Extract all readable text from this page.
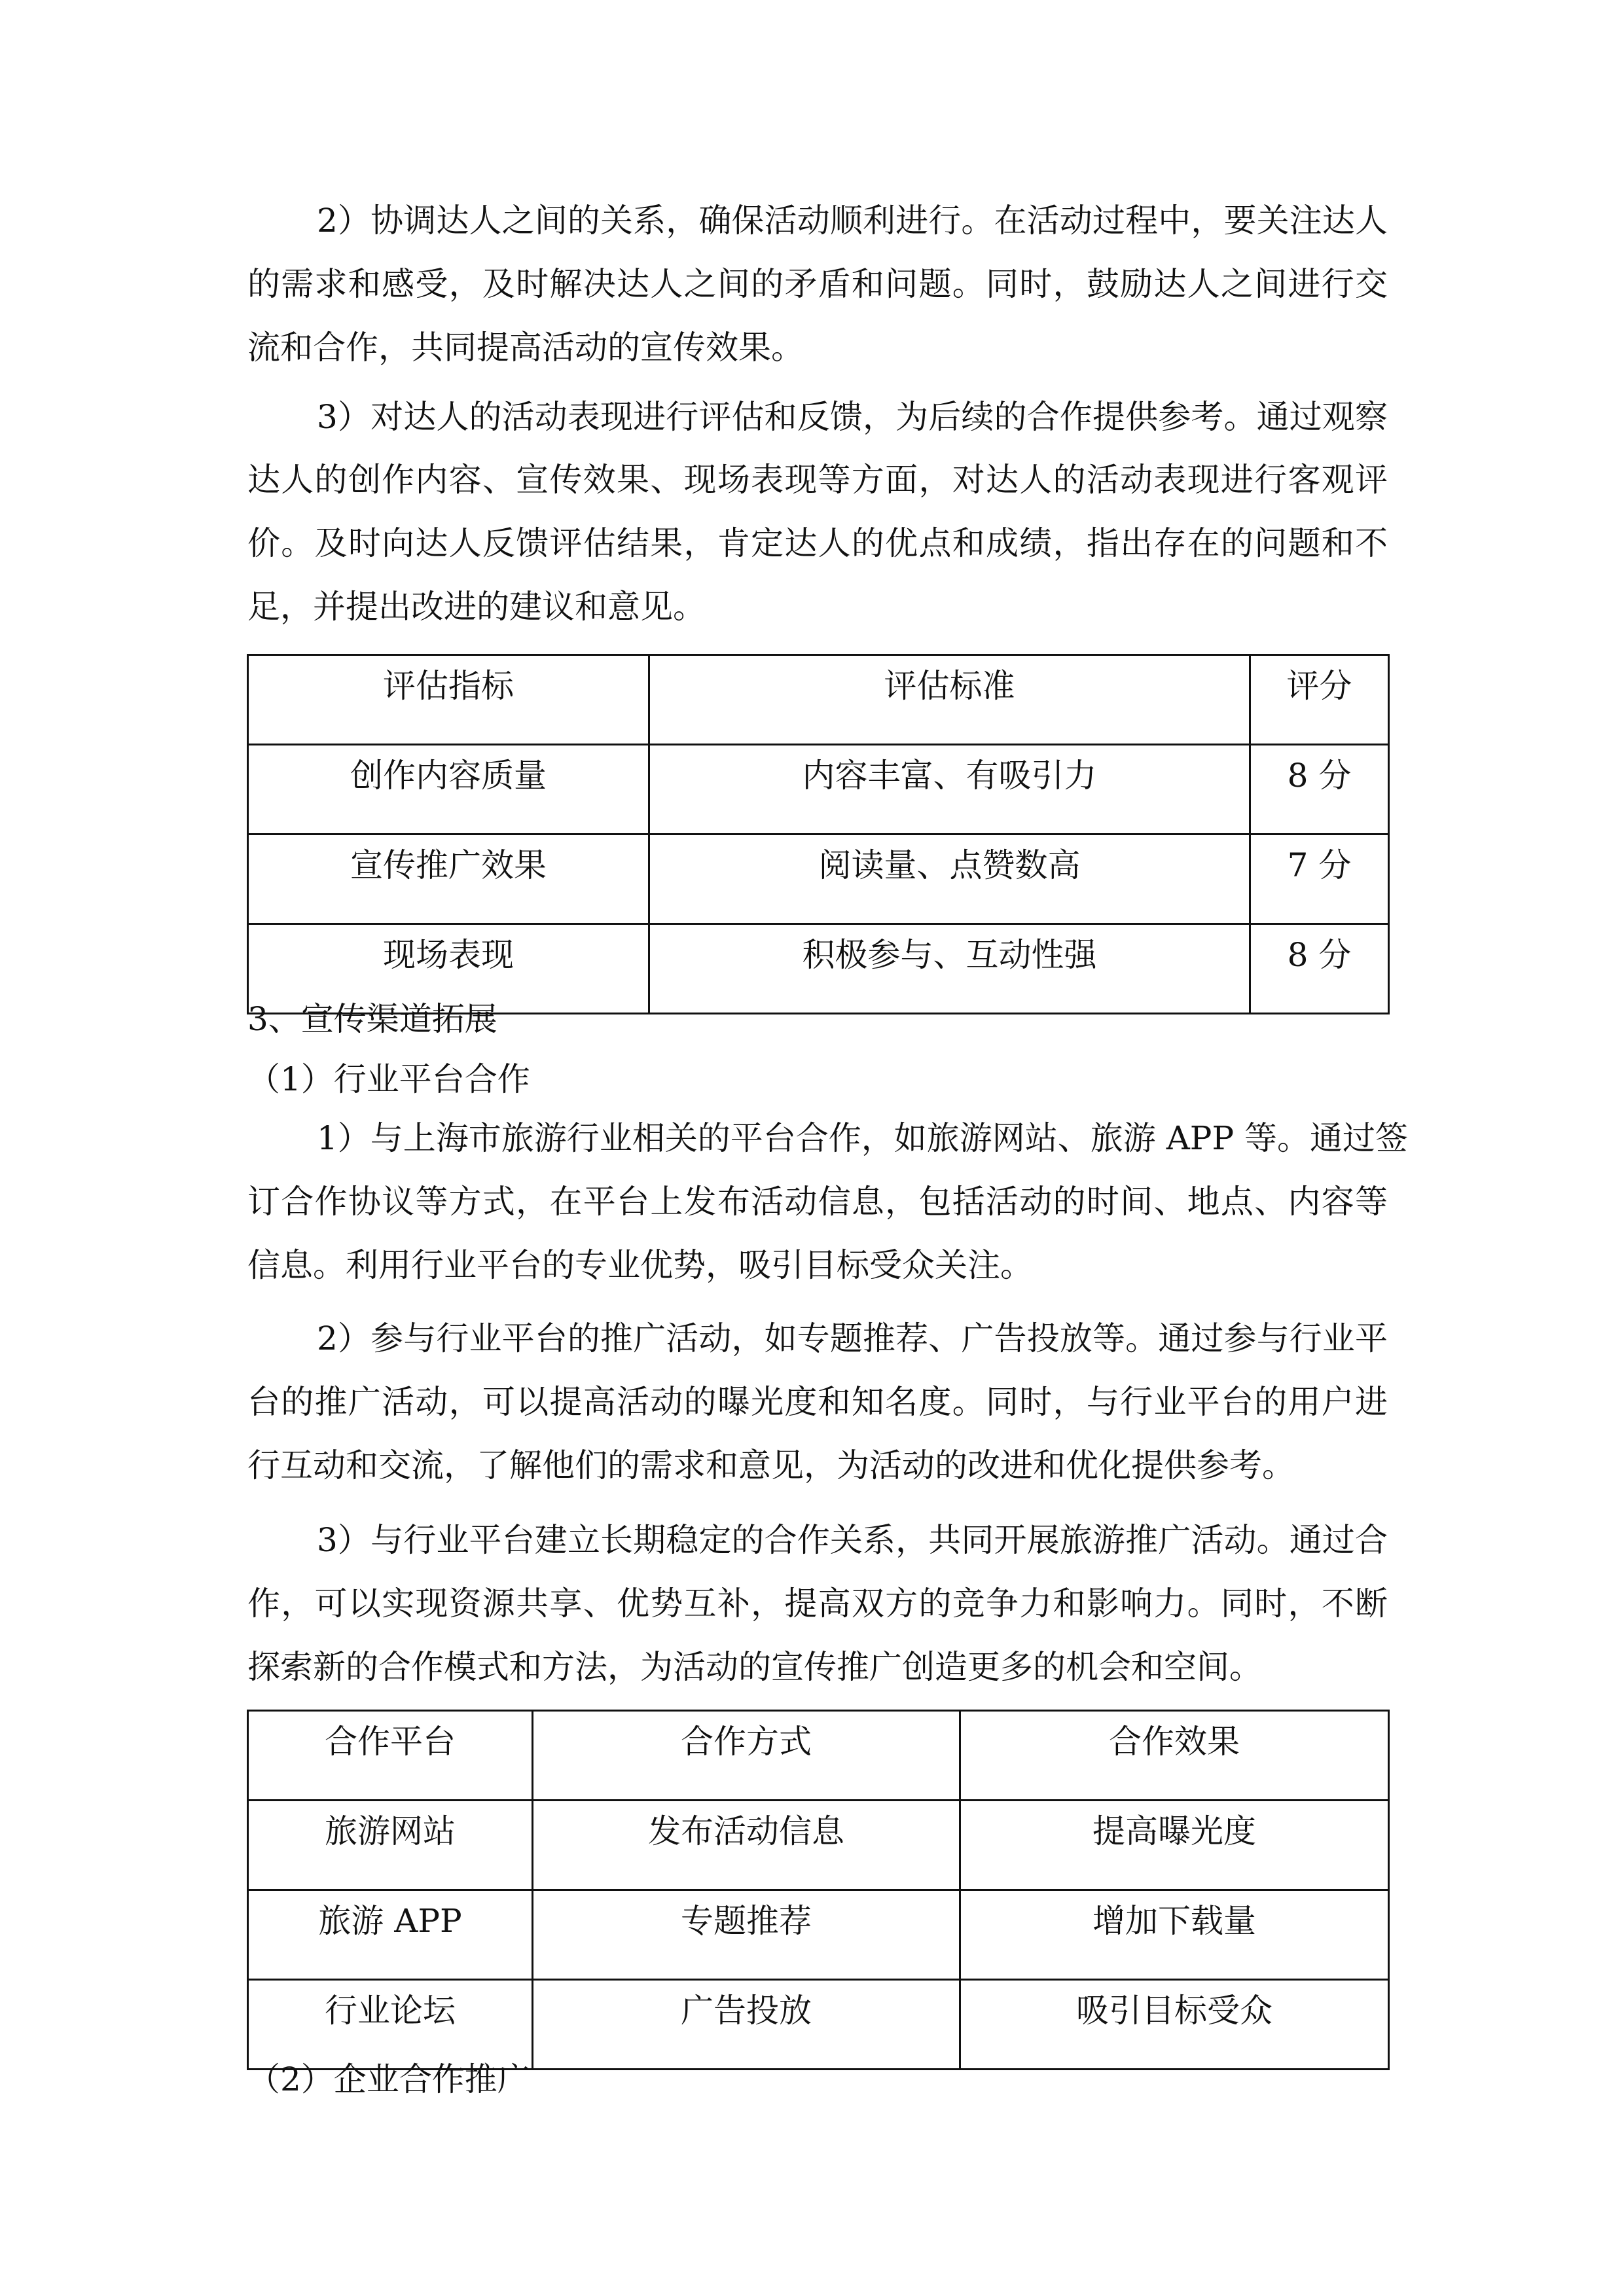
2）协调达人之间的关系，确保活动顺利进行。在活动过程中，要关注达人
的需求和感受，及时解决达人之间的矛盾和问题。同时，鼓励达人之间进行交
流和合作，共同提高活动的宣传效果。
3）对达人的活动表现进行评估和反馈，为后续的合作提供参考。通过观察
达人的创作内容、宣传效果、现场表现等方面，对达人的活动表现进行客观评
价。及时向达人反馈评估结果，肯定达人的优点和成绩，指出存在的问题和不
足，并提出改进的建议和意见。
评估指标	评估标准	评分
创作内容质量	内容丰富、有吸引力	8 分
宣传推广效果	阅读量、点赞数高	7 分
现场表现	积极参与、互动性强	8 分
3、宣传渠道拓展
（1）行业平台合作
1）与上海市旅游行业相关的平台合作，如旅游网站、旅游 APP 等。通过签
订合作协议等方式，在平台上发布活动信息，包括活动的时间、地点、内容等
信息。利用行业平台的专业优势，吸引目标受众关注。
2）参与行业平台的推广活动，如专题推荐、广告投放等。通过参与行业平
台的推广活动，可以提高活动的曝光度和知名度。同时，与行业平台的用户进
行互动和交流，了解他们的需求和意见，为活动的改进和优化提供参考。
3）与行业平台建立长期稳定的合作关系，共同开展旅游推广活动。通过合
作，可以实现资源共享、优势互补，提高双方的竞争力和影响力。同时，不断
探索新的合作模式和方法，为活动的宣传推广创造更多的机会和空间。
合作平台	合作方式	合作效果
旅游网站	发布活动信息	提高曝光度
旅游 APP	专题推荐	增加下载量
行业论坛	广告投放	吸引目标受众
（2）企业合作推广
